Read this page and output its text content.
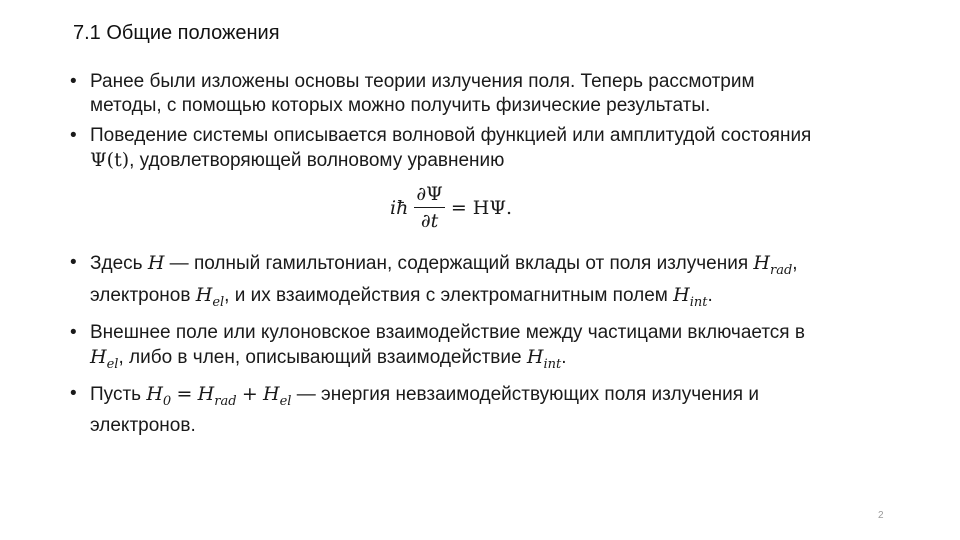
7.1 Общие положения
• Ранее были изложены основы теории излучения поля. Теперь рассмотрим методы, с помощью которых можно получить физические результаты.
• Поведение системы описывается волновой функцией или амплитудой состояния Ψ(t), удовлетворяющей волновому уравнению
iħ $\frac{\partial\Psi}{\partial t} = H\Psi$.
• Здесь H — полный гамильтониан, содержащий вклады от поля излучения $H_{rad}$, электронов $H_{el}$, и их взаимодействия с электромагнитным полем $H_{int}$.
• Внешнее поле или кулоновское взаимодействие между частицами включается в $H_{el}$, либо в член, описывающий взаимодействие $H_{int}$.
• Пусть $H_0 = H_{rad} + H_{el}$ — энергия невзаимодействующих поля излучения и электронов.
2
